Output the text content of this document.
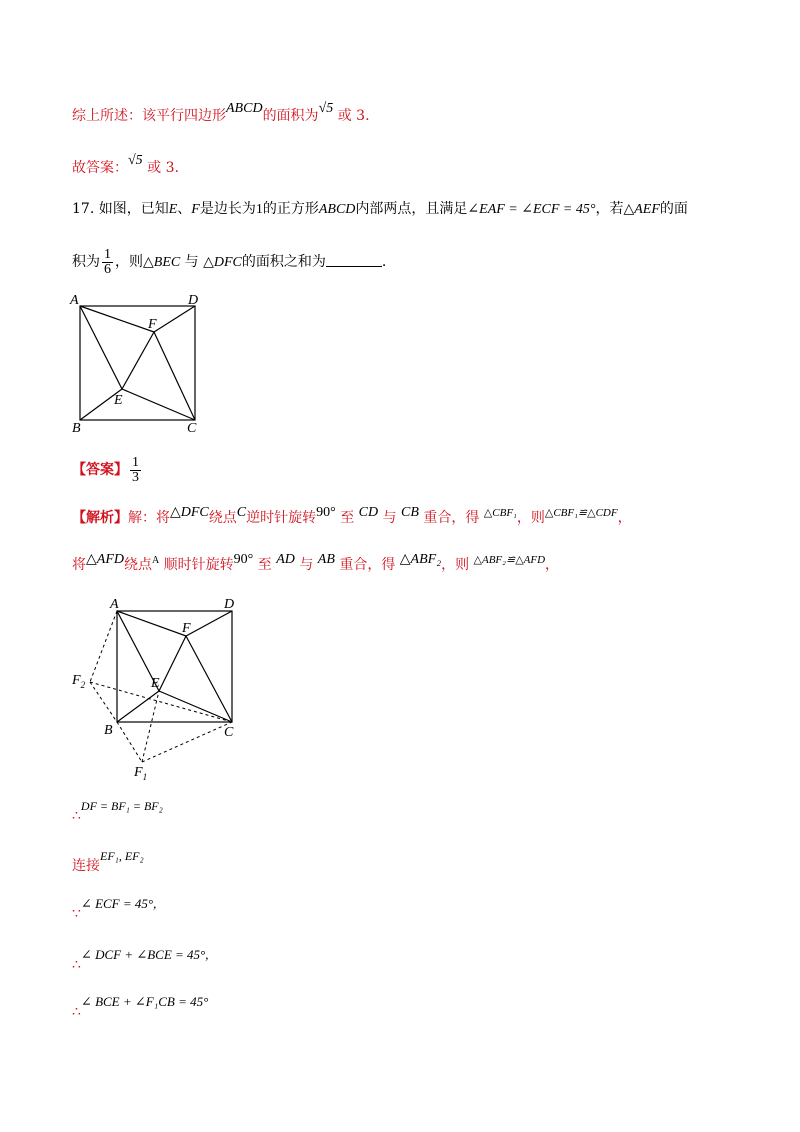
综上所述：该平行四边形ABCD的面积为√5 或 3.
故答案：√5 或 3.
17. 如图，已知E、F是边长为1的正方形ABCD内部两点，且满足∠EAF = ∠ECF = 45°，若△AEF的面
积为 $\frac{1}{6}$ ，则△BEC 与 △DFC的面积之和为	.
A	D
F
E
B	C
【答案】 $\frac{1}{3}$
【解析】解：将△DFC绕点C逆时针旋转90° 至 CD 与 CB 重合，得 $^{\triangle CBF_1}$，则$^{\triangle CBF_1≌\triangle CDF}$，
将△AFD绕点$^A$ 顺时针旋转90° 至 AD 与 AB 重合，得 △ABF₂，则 $^{\triangle ABF_2≌\triangle AFD}$，
A	D
F
E
B	C
$F_2$
$F_1$
∴DF = BF₁ = BF₂
连接EF₁, EF₂
∵∠ ECF = 45°,
∴∠ DCF + ∠BCE = 45°,
∴∠ BCE + ∠F₁CB = 45°
